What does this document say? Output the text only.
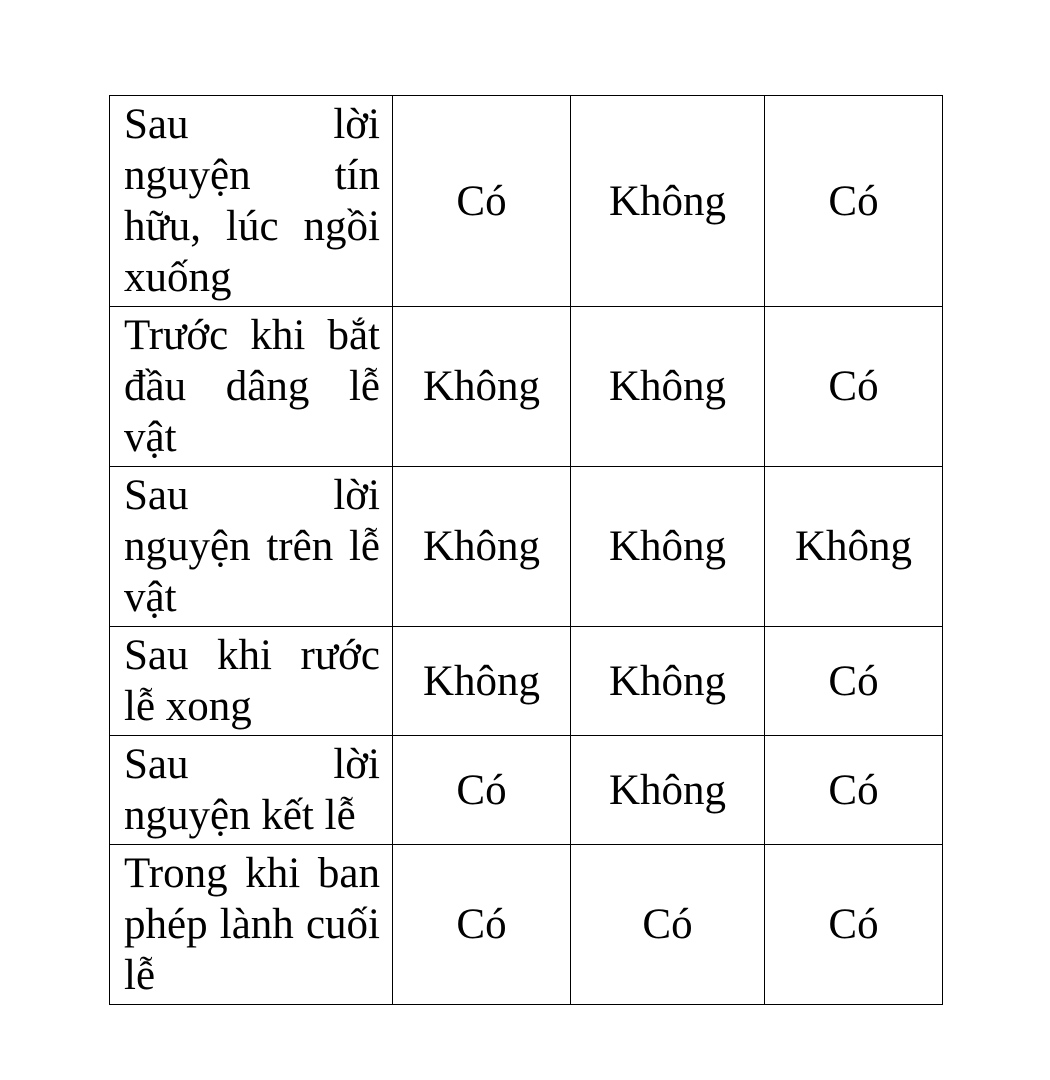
Sau lời nguyện tín hữu, lúc ngồi xuống	Có	Không	Có
Trước khi bắt đầu dâng lễ vật	Không	Không	Có
Sau lời nguyện trên lễ vật	Không	Không	Không
Sau khi rước lễ xong	Không	Không	Có
Sau lời nguyện kết lễ	Có	Không	Có
Trong khi ban phép lành cuối lễ	Có	Có	Có
